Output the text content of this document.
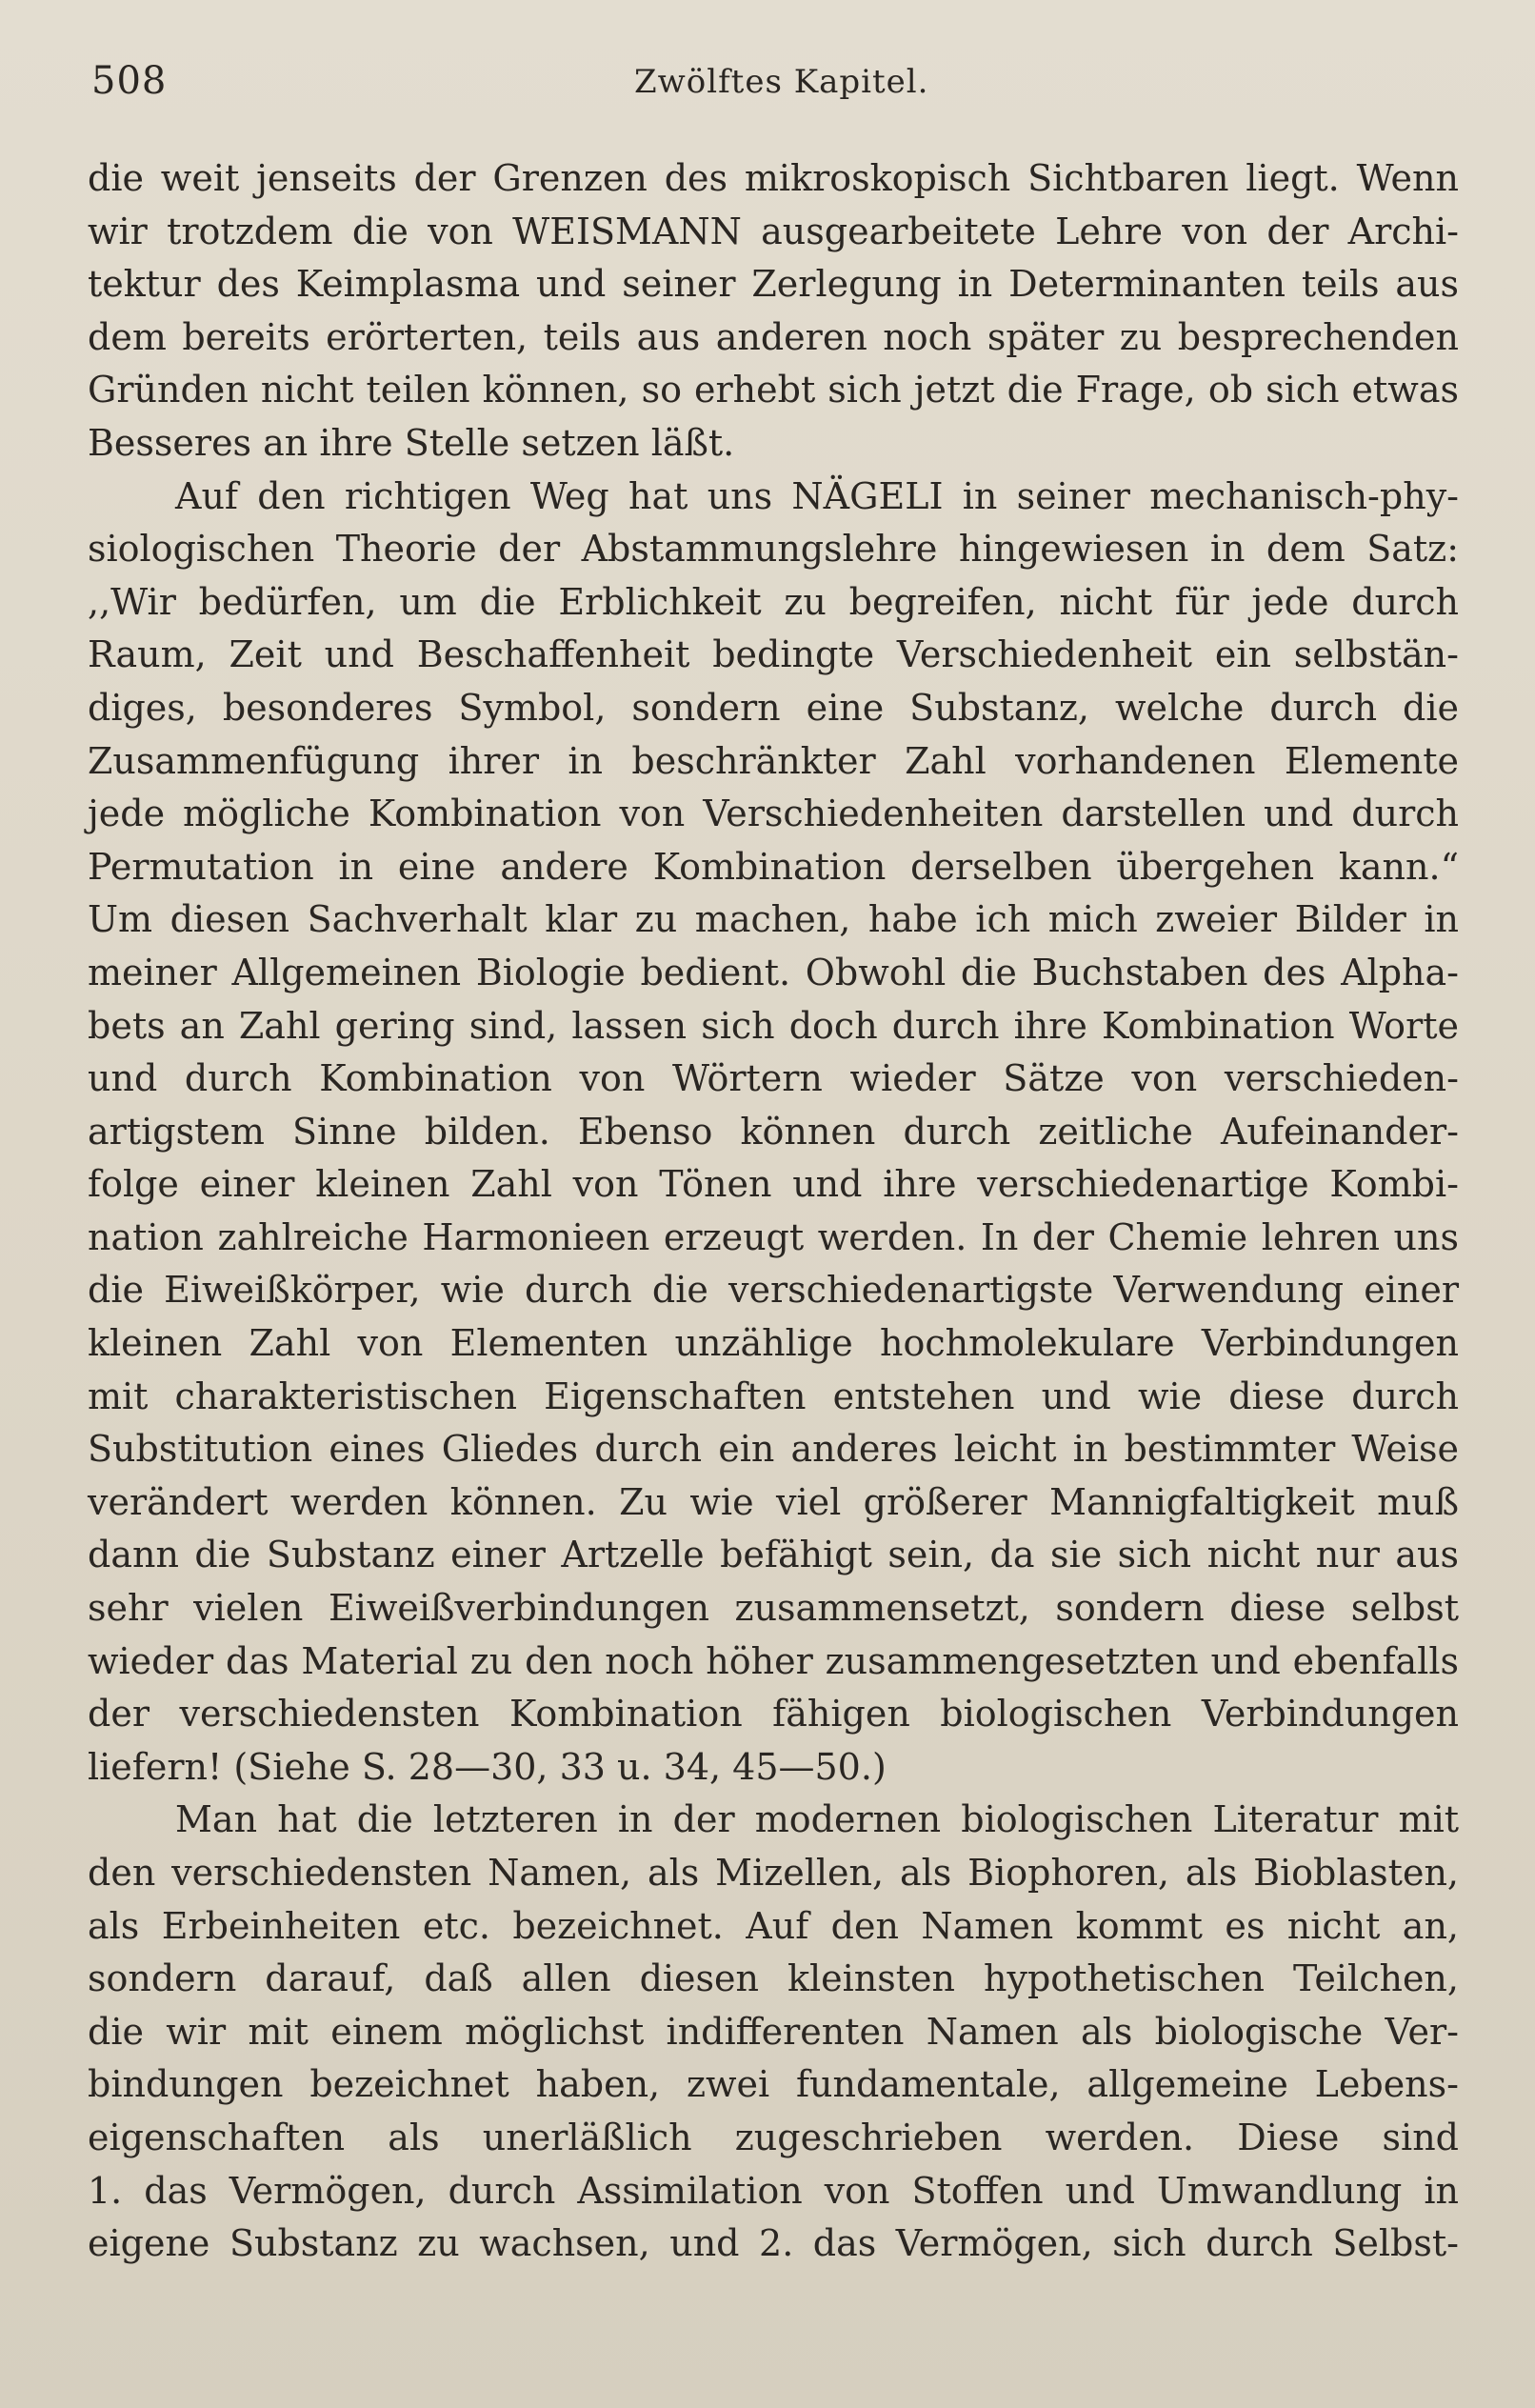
508	Zwölftes Kapitel.
die weit jenseits der Grenzen des mikroskopisch Sichtbaren liegt. Wenn
wir trotzdem die von WEISMANN ausgearbeitete Lehre von der Archi-
tektur des Keimplasma und seiner Zerlegung in Determinanten teils aus
dem bereits erörterten, teils aus anderen noch später zu besprechenden
Gründen nicht teilen können, so erhebt sich jetzt die Frage, ob sich etwas
Besseres an ihre Stelle setzen läßt.
Auf den richtigen Weg hat uns NÄGELI in seiner mechanisch-phy-
siologischen Theorie der Abstammungslehre hingewiesen in dem Satz:
,,Wir bedürfen, um die Erblichkeit zu begreifen, nicht für jede durch
Raum, Zeit und Beschaffenheit bedingte Verschiedenheit ein selbstän-
diges, besonderes Symbol, sondern eine Substanz, welche durch die
Zusammenfügung ihrer in beschränkter Zahl vorhandenen Elemente
jede mögliche Kombination von Verschiedenheiten darstellen und durch
Permutation in eine andere Kombination derselben übergehen kann.“
Um diesen Sachverhalt klar zu machen, habe ich mich zweier Bilder in
meiner Allgemeinen Biologie bedient. Obwohl die Buchstaben des Alpha-
bets an Zahl gering sind, lassen sich doch durch ihre Kombination Worte
und durch Kombination von Wörtern wieder Sätze von verschieden-
artigstem Sinne bilden. Ebenso können durch zeitliche Aufeinander-
folge einer kleinen Zahl von Tönen und ihre verschiedenartige Kombi-
nation zahlreiche Harmonieen erzeugt werden. In der Chemie lehren uns
die Eiweißkörper, wie durch die verschiedenartigste Verwendung einer
kleinen Zahl von Elementen unzählige hochmolekulare Verbindungen
mit charakteristischen Eigenschaften entstehen und wie diese durch
Substitution eines Gliedes durch ein anderes leicht in bestimmter Weise
verändert werden können. Zu wie viel größerer Mannigfaltigkeit muß
dann die Substanz einer Artzelle befähigt sein, da sie sich nicht nur aus
sehr vielen Eiweißverbindungen zusammensetzt, sondern diese selbst
wieder das Material zu den noch höher zusammengesetzten und ebenfalls
der verschiedensten Kombination fähigen biologischen Verbindungen
liefern! (Siehe S. 28—30, 33 u. 34, 45—50.)
Man hat die letzteren in der modernen biologischen Literatur mit
den verschiedensten Namen, als Mizellen, als Biophoren, als Bioblasten,
als Erbeinheiten etc. bezeichnet. Auf den Namen kommt es nicht an,
sondern darauf, daß allen diesen kleinsten hypothetischen Teilchen,
die wir mit einem möglichst indifferenten Namen als biologische Ver-
bindungen bezeichnet haben, zwei fundamentale, allgemeine Lebens-
eigenschaften als unerläßlich zugeschrieben werden. Diese sind
1. das Vermögen, durch Assimilation von Stoffen und Umwandlung in
eigene Substanz zu wachsen, und 2. das Vermögen, sich durch Selbst-
